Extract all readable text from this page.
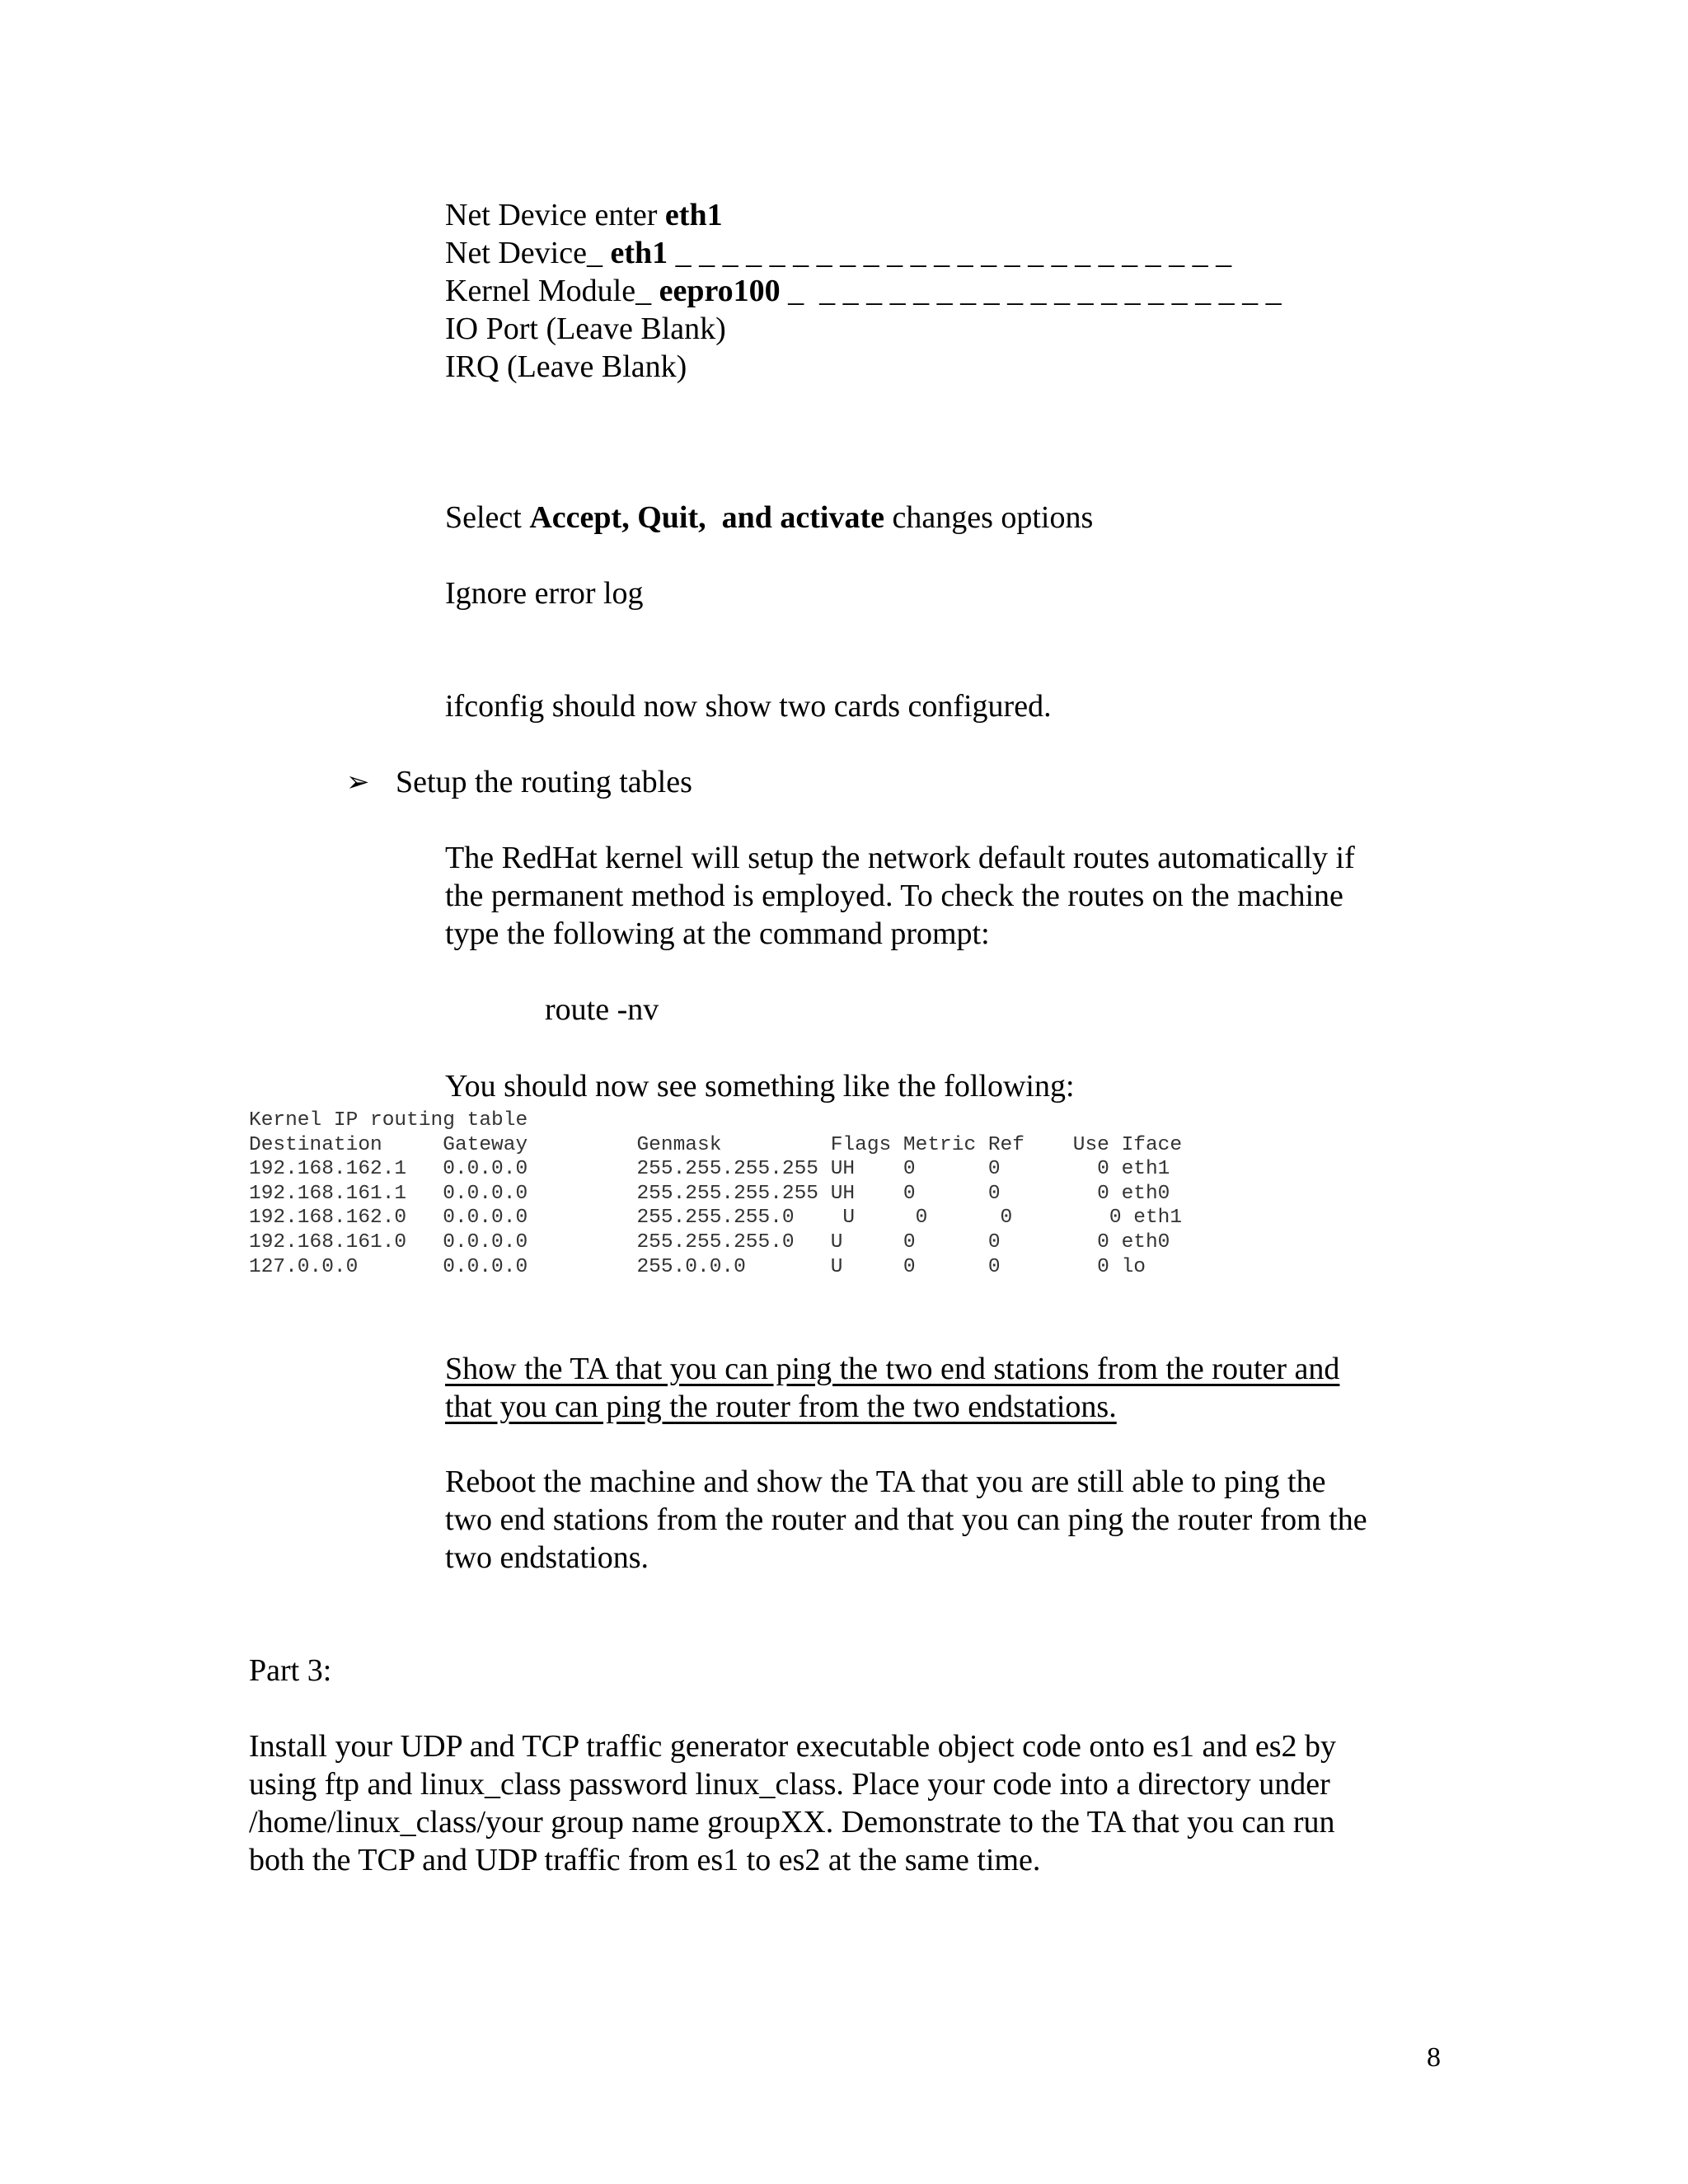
Net Device enter eth1
Net Device_ eth1 _ _ _ _ _ _ _ _ _ _ _ _ _ _ _ _ _ _ _ _ _ _ _ _
Kernel Module_ eepro100 _  _ _ _ _ _ _ _ _ _ _ _ _ _ _ _ _ _ _ _ _
IO Port (Leave Blank)
IRQ (Leave Blank)
Select Accept, Quit,  and activate changes options
Ignore error log
ifconfig should now show two cards configured.
➢ Setup the routing tables
The RedHat kernel will setup the network default routes automatically if
the permanent method is employed. To check the routes on the machine
type the following at the command prompt:
route -nv
You should now see something like the following:
Kernel IP routing table
Destination     Gateway         Genmask         Flags Metric Ref    Use Iface
192.168.162.1   0.0.0.0         255.255.255.255 UH    0      0        0 eth1
192.168.161.1   0.0.0.0         255.255.255.255 UH    0      0        0 eth0
192.168.162.0   0.0.0.0         255.255.255.0    U     0      0        0 eth1
192.168.161.0   0.0.0.0         255.255.255.0   U     0      0        0 eth0
127.0.0.0       0.0.0.0         255.0.0.0       U     0      0        0 lo
Show the TA that you can ping the two end stations from the router and
that you can ping the router from the two endstations.
Reboot the machine and show the TA that you are still able to ping the
two end stations from the router and that you can ping the router from the
two endstations.
Part 3:
Install your UDP and TCP traffic generator executable object code onto es1 and es2 by
using ftp and linux_class password linux_class. Place your code into a directory under
/home/linux_class/your group name groupXX. Demonstrate to the TA that you can run
both the TCP and UDP traffic from es1 to es2 at the same time.
8
